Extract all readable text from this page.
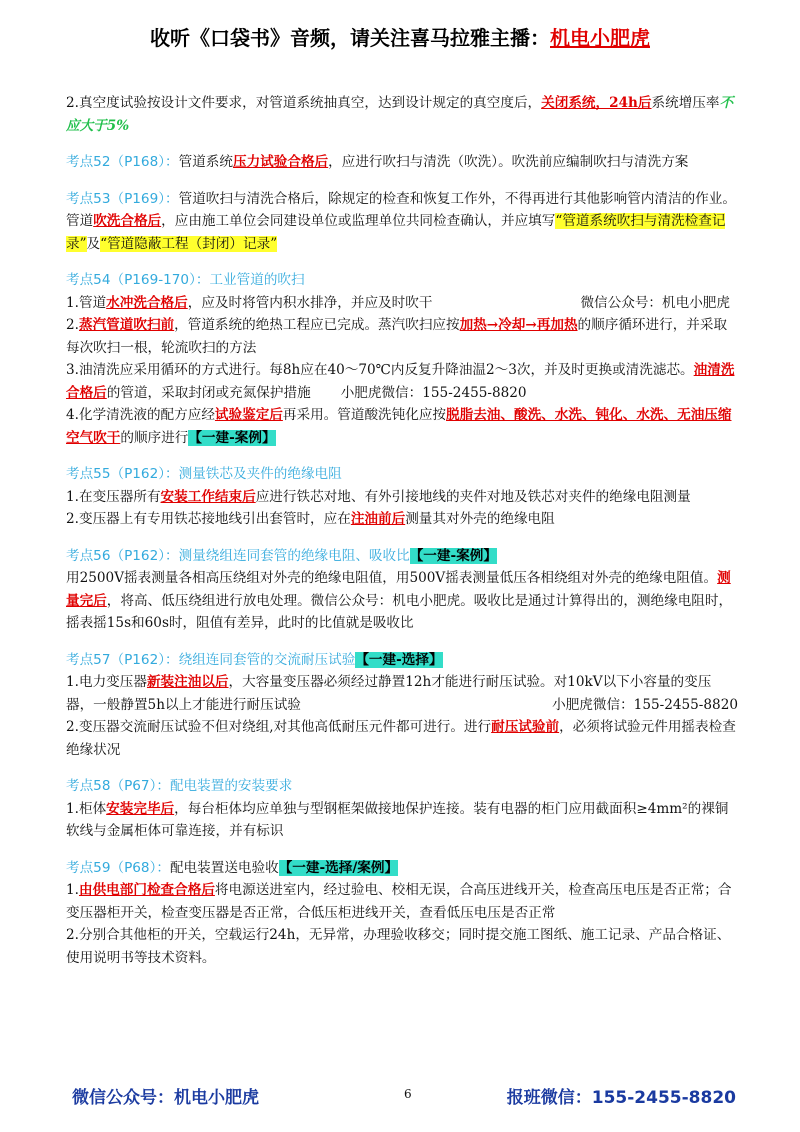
收听《口袋书》音频，请关注喜马拉雅主播：机电小肥虎

2.真空度试验按设计文件要求，对管道系统抽真空，达到设计规定的真空度后，关闭系统，24h后系统增压率不应大于5%

考点52（P168）：管道系统压力试验合格后，应进行吹扫与清洗（吹洗）。吹洗前应编制吹扫与清洗方案
考点53（P169）：管道吹扫与清洗合格后，除规定的检查和恢复工作外，不得再进行其他影响管内清洁的作业。管道吹洗合格后，应由施工单位会同建设单位或监理单位共同检查确认，并应填写“管道系统吹扫与清洗检查记录”及“管道隐蔽工程（封闭）记录”
考点54（P169-170）：工业管道的吹扫
1.管道水冲洗合格后，应及时将管内积水排净，并应及时吹干	微信公众号：机电小肥虎
2.蒸汽管道吹扫前，管道系统的绝热工程应已完成。蒸汽吹扫应按加热→冷却→再加热的顺序循环进行，并采取每次吹扫一根，轮流吹扫的方法
3.油清洗应采用循环的方式进行。每8h应在40～70℃内反复升降油温2～3次，并及时更换或清洗滤芯。油清洗合格后的管道，采取封闭或充氮保护措施 小肥虎微信：155-2455-8820
4.化学清洗液的配方应经试验鉴定后再采用。管道酸洗钝化应按脱脂去油、酸洗、水洗、钝化、水洗、无油压缩空气吹干的顺序进行【一建-案例】
考点55（P162）：测量铁芯及夹件的绝缘电阻
1.在变压器所有安装工作结束后应进行铁芯对地、有外引接地线的夹件对地及铁芯对夹件的绝缘电阻测量
2.变压器上有专用铁芯接地线引出套管时，应在注油前后测量其对外壳的绝缘电阻
考点56（P162）：测量绕组连同套管的绝缘电阻、吸收比【一建-案例】
用2500V摇表测量各相高压绕组对外壳的绝缘电阻值，用500V摇表测量低压各相绕组对外壳的绝缘电阻值。测量完后，将高、低压绕组进行放电处理。微信公众号：机电小肥虎。吸收比是通过计算得出的，测绝缘电阻时，摇表摇15s和60s时，阻值有差异，此时的比值就是吸收比
考点57（P162）：绕组连同套管的交流耐压试验【一建-选择】
1.电力变压器新装注油以后，大容量变压器必须经过静置12h才能进行耐压试验。对10kV以下小容量的变压器，一般静置5h以上才能进行耐压试验	小肥虎微信：155-2455-8820
2.变压器交流耐压试验不但对绕组,对其他高低耐压元件都可进行。进行耐压试验前，必须将试验元件用摇表检查绝缘状况
考点58（P67）：配电装置的安装要求
1.柜体安装完毕后，每台柜体均应单独与型钢框架做接地保护连接。装有电器的柜门应用截面积≥4mm²的裸铜软线与金属柜体可靠连接，并有标识
考点59（P68）：配电装置送电验收【一建-选择/案例】
1.由供电部门检查合格后将电源送进室内，经过验电、校相无误，合高压进线开关，检查高压电压是否正常；合变压器柜开关，检查变压器是否正常，合低压柜进线开关，查看低压电压是否正常
2.分别合其他柜的开关，空载运行24h，无异常，办理验收移交；同时提交施工图纸、施工记录、产品合格证、使用说明书等技术资料。
微信公众号：机电小肥虎	6	报班微信：155-2455-8820
